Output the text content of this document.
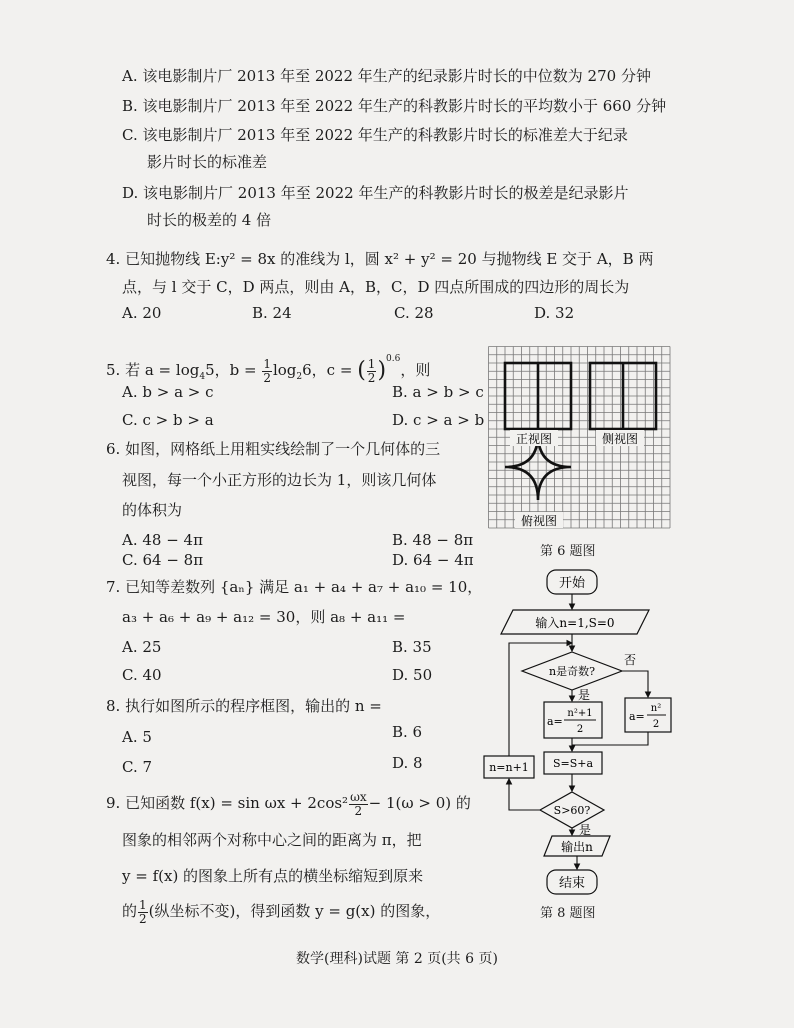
A. 该电影制片厂 2013 年至 2022 年生产的纪录影片时长的中位数为 270 分钟
B. 该电影制片厂 2013 年至 2022 年生产的科教影片时长的平均数小于 660 分钟
C. 该电影制片厂 2013 年至 2022 年生产的科教影片时长的标准差大于纪录
影片时长的标准差
D. 该电影制片厂 2013 年至 2022 年生产的科教影片时长的极差是纪录影片
时长的极差的 4 倍
4. 已知抛物线 E:y² = 8x 的准线为 l，圆 x² + y² = 20 与抛物线 E 交于 A，B 两
点，与 l 交于 C，D 两点，则由 A，B，C，D 四点所围成的四边形的周长为
A. 20	B. 24	C. 28	D. 32
5. 若 $a = \log_45$，$b = \frac{1}{2} \log_26$，c = ( $\frac{1}{2} )^{0.6}$，则
A. b > a > c	B. a > b > c
C. c > b > a	D. c > a > b
6. 如图，网格纸上用粗实线绘制了一个几何体的三
视图，每一个小正方形的边长为 1，则该几何体
的体积为
A. 48 − 4π	B. 48 − 8π
C. 64 − 8π	D. 64 − 4π
正视图	侧视图
俯视图
第 6 题图
7. 已知等差数列 {aₙ} 满足 a₁ + a₄ + a₇ + a₁₀ = 10，
a₃ + a₆ + a₉ + a₁₂ = 30，则 a₈ + a₁₁ =
A. 25	B. 35
C. 40	D. 50
8. 执行如图所示的程序框图，输出的 n =
A. 5	B. 6
C. 7	D. 8
开始
输入n=1,S=0
n是奇数?
否
是
a=
n²+1
2
a=
n²
2
S=S+a
n=n+1
S>60?
是
输出n
结束
第 8 题图
9. 已知函数 $f(x) = \sin \omega x + 2\cos^2 \frac{\omega x}{2} - 1(\omega > 0)$ 的
图象的相邻两个对称中心之间的距离为 π，把
y = f(x) 的图象上所有点的横坐标缩短到原来
的 $\frac{1}{2}$ (纵坐标不变)，得到函数 y = g(x) 的图象，
数学(理科)试题 第 2 页(共 6 页)
